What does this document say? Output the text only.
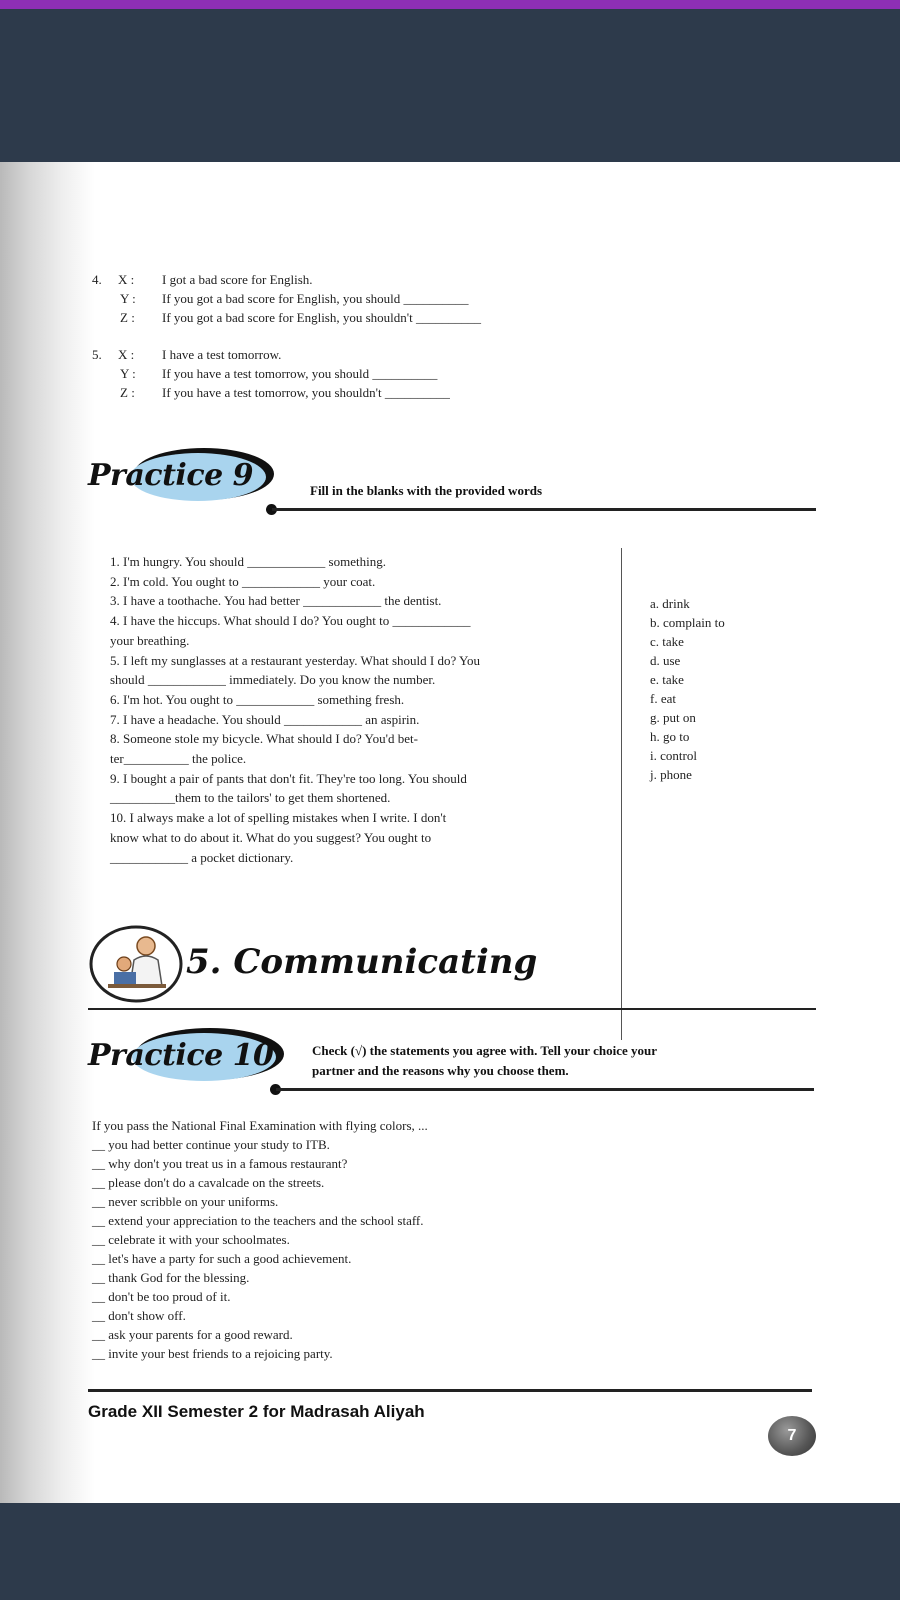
4. X : I got a bad score for English.
Y : If you got a bad score for English, you should __________
Z : If you got a bad score for English, you shouldn't __________
5. X : I have a test tomorrow.
Y : If you have a test tomorrow, you should __________
Z : If you have a test tomorrow, you shouldn't __________
Practice 9	Fill in the blanks with the provided words
1. I'm hungry. You should ____________ something.
2. I'm cold. You ought to ____________ your coat.
3. I have a toothache. You had better ____________ the dentist.
4. I have the hiccups. What should I do? You ought to ____________
your breathing.
5. I left my sunglasses at a restaurant yesterday. What should I do? You
should ____________ immediately. Do you know the number.
6. I'm hot. You ought to ____________ something fresh.
7. I have a headache. You should ____________ an aspirin.
8. Someone stole my bicycle. What should I do? You'd bet-
ter__________ the police.
9. I bought a pair of pants that don't fit. They're too long. You should
__________them to the tailors' to get them shortened.
10. I always make a lot of spelling mistakes when I write. I don't
know what to do about it. What do you suggest? You ought to
____________ a pocket dictionary.
a. drink
b. complain to
c. take
d. use
e. take
f. eat
g. put on
h. go to
i. control
j. phone
5. Communicating
Practice 10	Check (√) the statements you agree with. Tell your choice your
partner and the reasons why you choose them.
If you pass the National Final Examination with flying colors, ...
__ you had better continue your study to ITB.
__ why don't you treat us in a famous restaurant?
__ please don't do a cavalcade on the streets.
__ never scribble on your uniforms.
__ extend your appreciation to the teachers and the school staff.
__ celebrate it with your schoolmates.
__ let's have a party for such a good achievement.
__ thank God for the blessing.
__ don't be too proud of it.
__ don't show off.
__ ask your parents for a good reward.
__ invite your best friends to a rejoicing party.
Grade XII Semester 2 for Madrasah Aliyah
7
